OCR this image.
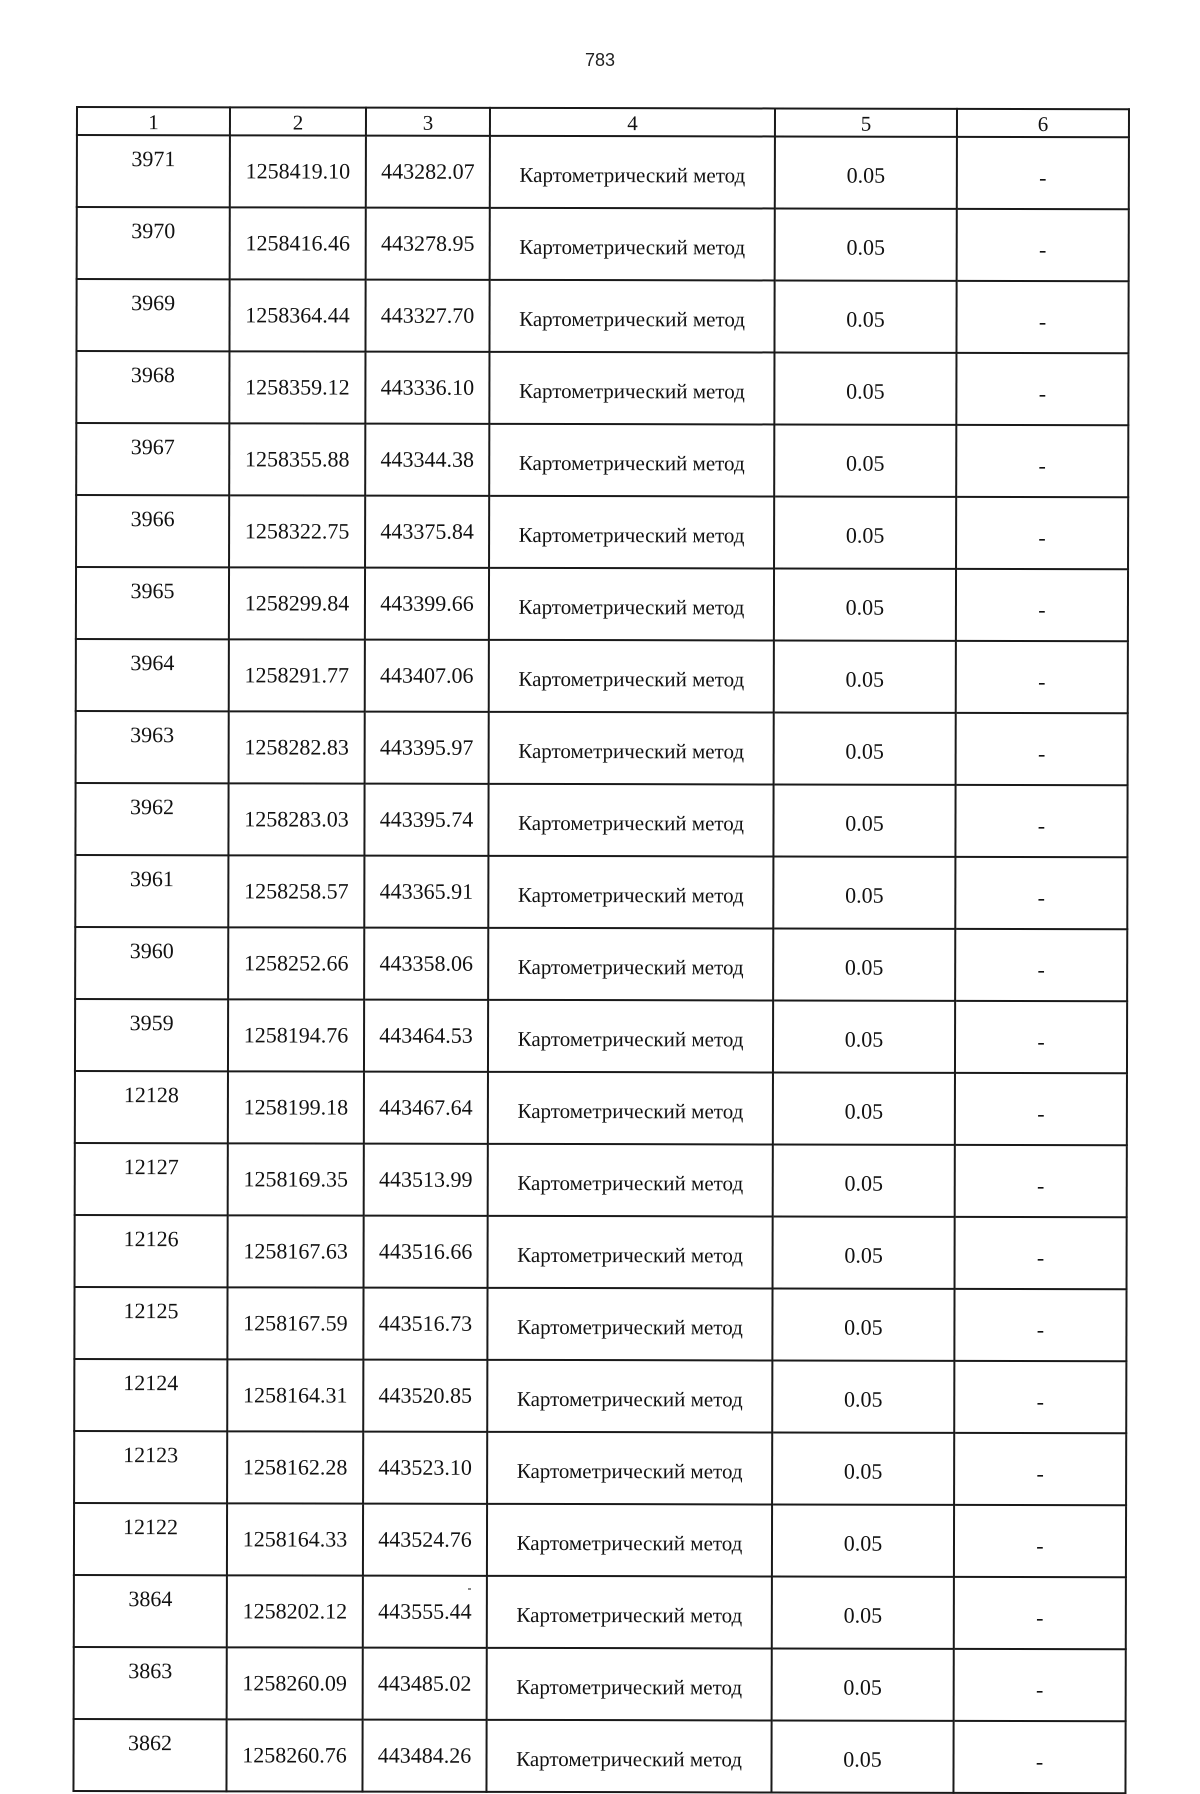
783
1	2	3	4	5	6
3971	1258419.10	443282.07	Картометрический метод	0.05	-
3970	1258416.46	443278.95	Картометрический метод	0.05	-
3969	1258364.44	443327.70	Картометрический метод	0.05	-
3968	1258359.12	443336.10	Картометрический метод	0.05	-
3967	1258355.88	443344.38	Картометрический метод	0.05	-
3966	1258322.75	443375.84	Картометрический метод	0.05	-
3965	1258299.84	443399.66	Картометрический метод	0.05	-
3964	1258291.77	443407.06	Картометрический метод	0.05	-
3963	1258282.83	443395.97	Картометрический метод	0.05	-
3962	1258283.03	443395.74	Картометрический метод	0.05	-
3961	1258258.57	443365.91	Картометрический метод	0.05	-
3960	1258252.66	443358.06	Картометрический метод	0.05	-
3959	1258194.76	443464.53	Картометрический метод	0.05	-
12128	1258199.18	443467.64	Картометрический метод	0.05	-
12127	1258169.35	443513.99	Картометрический метод	0.05	-
12126	1258167.63	443516.66	Картометрический метод	0.05	-
12125	1258167.59	443516.73	Картометрический метод	0.05	-
12124	1258164.31	443520.85	Картометрический метод	0.05	-
12123	1258162.28	443523.10	Картометрический метод	0.05	-
12122	1258164.33	443524.76	Картометрический метод	0.05	-
3864	1258202.12	443555.44	Картометрический метод	0.05	-
3863	1258260.09	443485.02	Картометрический метод	0.05	-
3862	1258260.76	443484.26	Картометрический метод	0.05	-
